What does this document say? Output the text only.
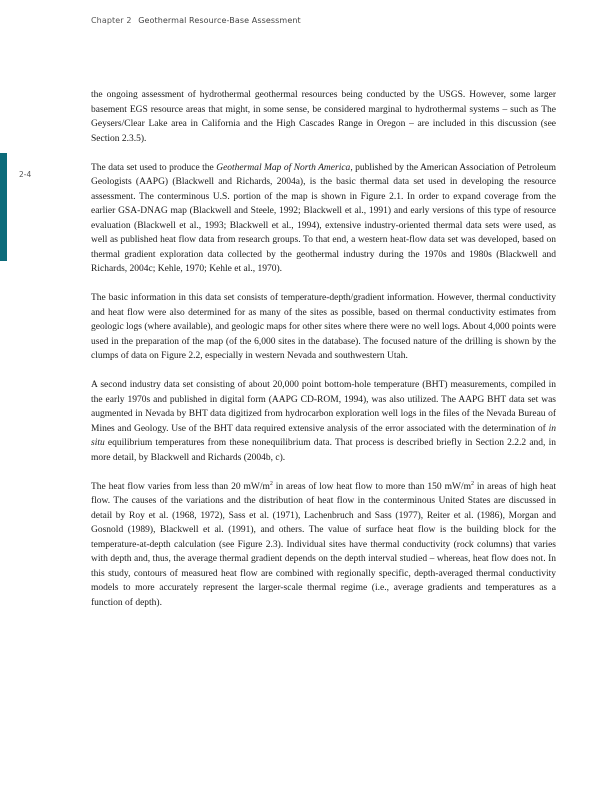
Chapter 2 Geothermal Resource-Base Assessment
2-4

the ongoing assessment of hydrothermal geothermal resources being conducted by the USGS. However, some larger basement EGS resource areas that might, in some sense, be considered marginal to hydrothermal systems – such as The Geysers/Clear Lake area in California and the High Cascades Range in Oregon – are included in this discussion (see Section 2.3.5).

The data set used to produce the Geothermal Map of North America, published by the American Association of Petroleum Geologists (AAPG) (Blackwell and Richards, 2004a), is the basic thermal data set used in developing the resource assessment. The conterminous U.S. portion of the map is shown in Figure 2.1. In order to expand coverage from the earlier GSA-DNAG map (Blackwell and Steele, 1992; Blackwell et al., 1991) and early versions of this type of resource evaluation (Blackwell et al., 1993; Blackwell et al., 1994), extensive industry-oriented thermal data sets were used, as well as published heat flow data from research groups. To that end, a western heat-flow data set was developed, based on thermal gradient exploration data collected by the geothermal industry during the 1970s and 1980s (Blackwell and Richards, 2004c; Kehle, 1970; Kehle et al., 1970).

The basic information in this data set consists of temperature-depth/gradient information. However, thermal conductivity and heat flow were also determined for as many of the sites as possible, based on thermal conductivity estimates from geologic logs (where available), and geologic maps for other sites where there were no well logs. About 4,000 points were used in the preparation of the map (of the 6,000 sites in the database). The focused nature of the drilling is shown by the clumps of data on Figure 2.2, especially in western Nevada and southwestern Utah.

A second industry data set consisting of about 20,000 point bottom-hole temperature (BHT) measurements, compiled in the early 1970s and published in digital form (AAPG CD-ROM, 1994), was also utilized. The AAPG BHT data set was augmented in Nevada by BHT data digitized from hydrocarbon exploration well logs in the files of the Nevada Bureau of Mines and Geology. Use of the BHT data required extensive analysis of the error associated with the determination of in situ equilibrium temperatures from these nonequilibrium data. That process is described briefly in Section 2.2.2 and, in more detail, by Blackwell and Richards (2004b, c).

The heat flow varies from less than 20 $mW/m^2$ in areas of low heat flow to more than 150 $mW/m^2$ in areas of high heat flow. The causes of the variations and the distribution of heat flow in the conterminous United States are discussed in detail by Roy et al. (1968, 1972), Sass et al. (1971), Lachenbruch and Sass (1977), Reiter et al. (1986), Morgan and Gosnold (1989), Blackwell et al. (1991), and others. The value of surface heat flow is the building block for the temperature-at-depth calculation (see Figure 2.3). Individual sites have thermal conductivity (rock columns) that varies with depth and, thus, the average thermal gradient depends on the depth interval studied – whereas, heat flow does not. In this study, contours of measured heat flow are combined with regionally specific, depth-averaged thermal conductivity models to more accurately represent the larger-scale thermal regime (i.e., average gradients and temperatures as a function of depth).
